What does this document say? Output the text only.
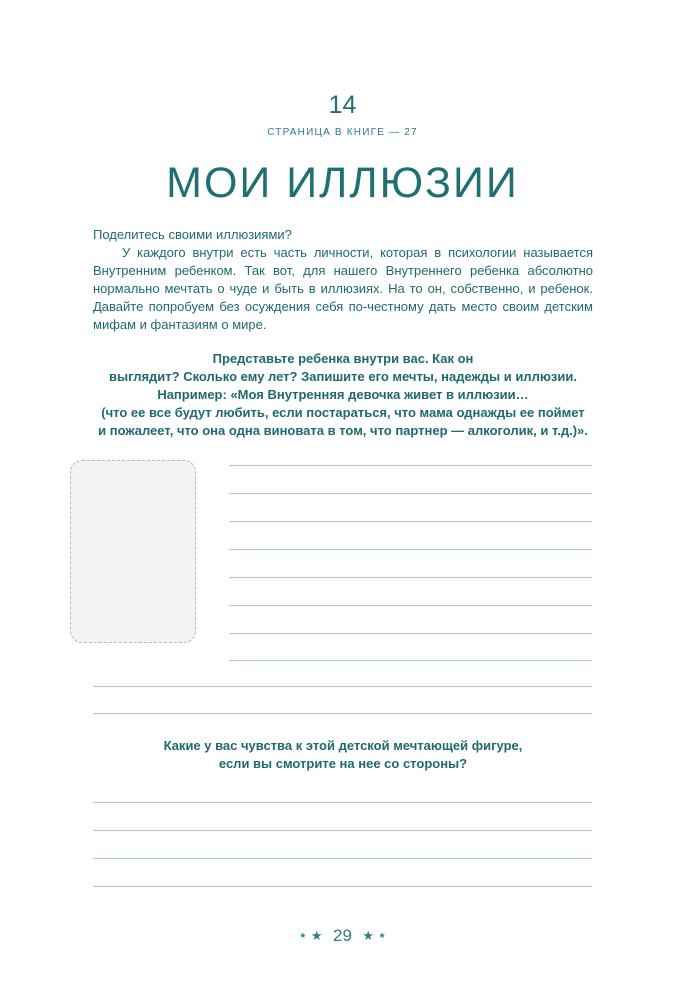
14
СТРАНИЦА В КНИГЕ — 27
МОИ ИЛЛЮЗИИ
Поделитесь своими иллюзиями?
У каждого внутри есть часть личности, которая в психологии называется Внутренним ребенком. Так вот, для нашего Внутреннего ребенка абсолютно нормально мечтать о чуде и быть в иллюзиях. На то он, собственно, и ребенок. Давайте попробуем без осуждения себя по-честному дать место своим детским мифам и фантазиям о мире.
Представьте ребенка внутри вас. Как он
выглядит? Сколько ему лет? Запишите его мечты, надежды и иллюзии.
Например: «Моя Внутренняя девочка живет в иллюзии…
(что ее все будут любить, если постараться, что мама однажды ее поймет
и пожалеет, что она одна виновата в том, что партнер — алкоголик, и т.д.)».
Какие у вас чувства к этой детской мечтающей фигуре,
если вы смотрите на нее со стороны?
★ ★ 29 ★ ★
